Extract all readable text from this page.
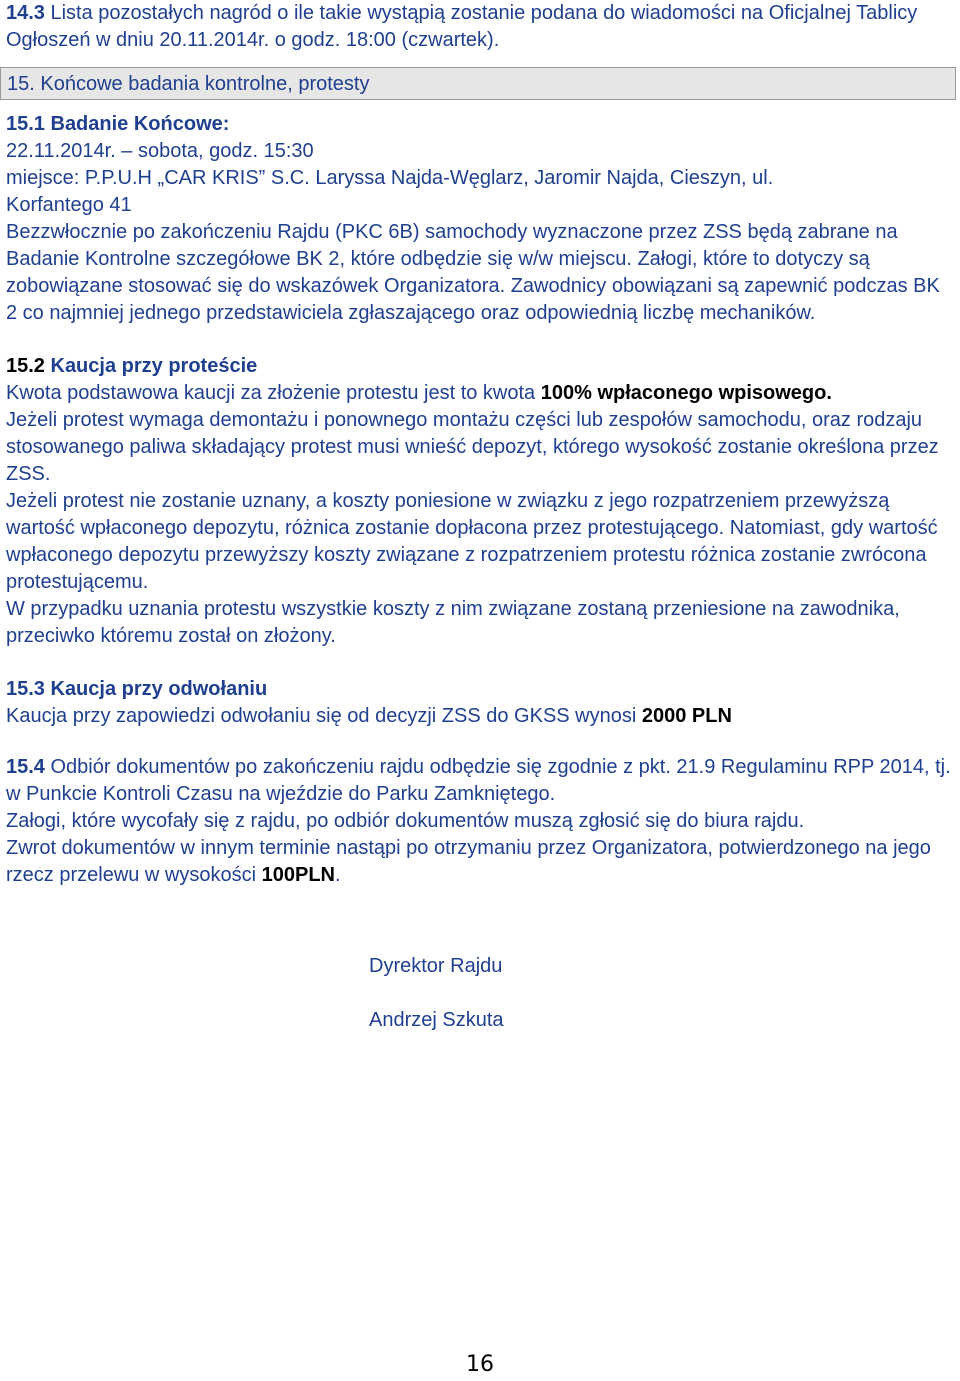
14.3 Lista pozostałych nagród o ile takie wystąpią zostanie podana do wiadomości na Oficjalnej Tablicy Ogłoszeń w dniu 20.11.2014r. o godz. 18:00 (czwartek).

15. Końcowe badania kontrolne, protesty

15.1 Badanie Końcowe:

22.11.2014r. – sobota, godz. 15:30

miejsce: P.P.U.H „CAR KRIS” S.C. Laryssa Najda-Węglarz, Jaromir Najda, Cieszyn, ul.

Korfantego 41

Bezzwłocznie po zakończeniu Rajdu (PKC 6B) samochody wyznaczone przez ZSS będą zabrane na Badanie Kontrolne szczegółowe BK 2, które odbędzie się w/w miejscu. Załogi, które to dotyczy są zobowiązane stosować się do wskazówek Organizatora. Zawodnicy obowiązani są zapewnić podczas BK 2 co najmniej jednego przedstawiciela zgłaszającego oraz odpowiednią liczbę mechaników.

15.2 Kaucja przy proteście

Kwota podstawowa kaucji za złożenie protestu jest to kwota 100% wpłaconego wpisowego.

Jeżeli protest wymaga demontażu i ponownego montażu części lub zespołów samochodu, oraz rodzaju stosowanego paliwa składający protest musi wnieść depozyt, którego wysokość zostanie określona przez ZSS.

Jeżeli protest nie zostanie uznany, a koszty poniesione w związku z jego rozpatrzeniem przewyższą wartość wpłaconego depozytu, różnica zostanie dopłacona przez protestującego. Natomiast, gdy wartość wpłaconego depozytu przewyższy koszty związane z rozpatrzeniem protestu różnica zostanie zwrócona protestującemu.

W przypadku uznania protestu wszystkie koszty z nim związane zostaną przeniesione na zawodnika, przeciwko któremu został on złożony.

15.3 Kaucja przy odwołaniu

Kaucja przy zapowiedzi odwołaniu się od decyzji ZSS do GKSS wynosi 2000 PLN

15.4 Odbiór dokumentów po zakończeniu rajdu odbędzie się zgodnie z pkt. 21.9 Regulaminu RPP 2014, tj. w Punkcie Kontroli Czasu na wjeździe do Parku Zamkniętego.

Załogi, które wycofały się z rajdu, po odbiór dokumentów muszą zgłosić się do biura rajdu.

Zwrot dokumentów w innym terminie nastąpi po otrzymaniu przez Organizatora, potwierdzonego na jego rzecz przelewu w wysokości 100PLN.

Dyrektor Rajdu

Andrzej Szkuta

16
